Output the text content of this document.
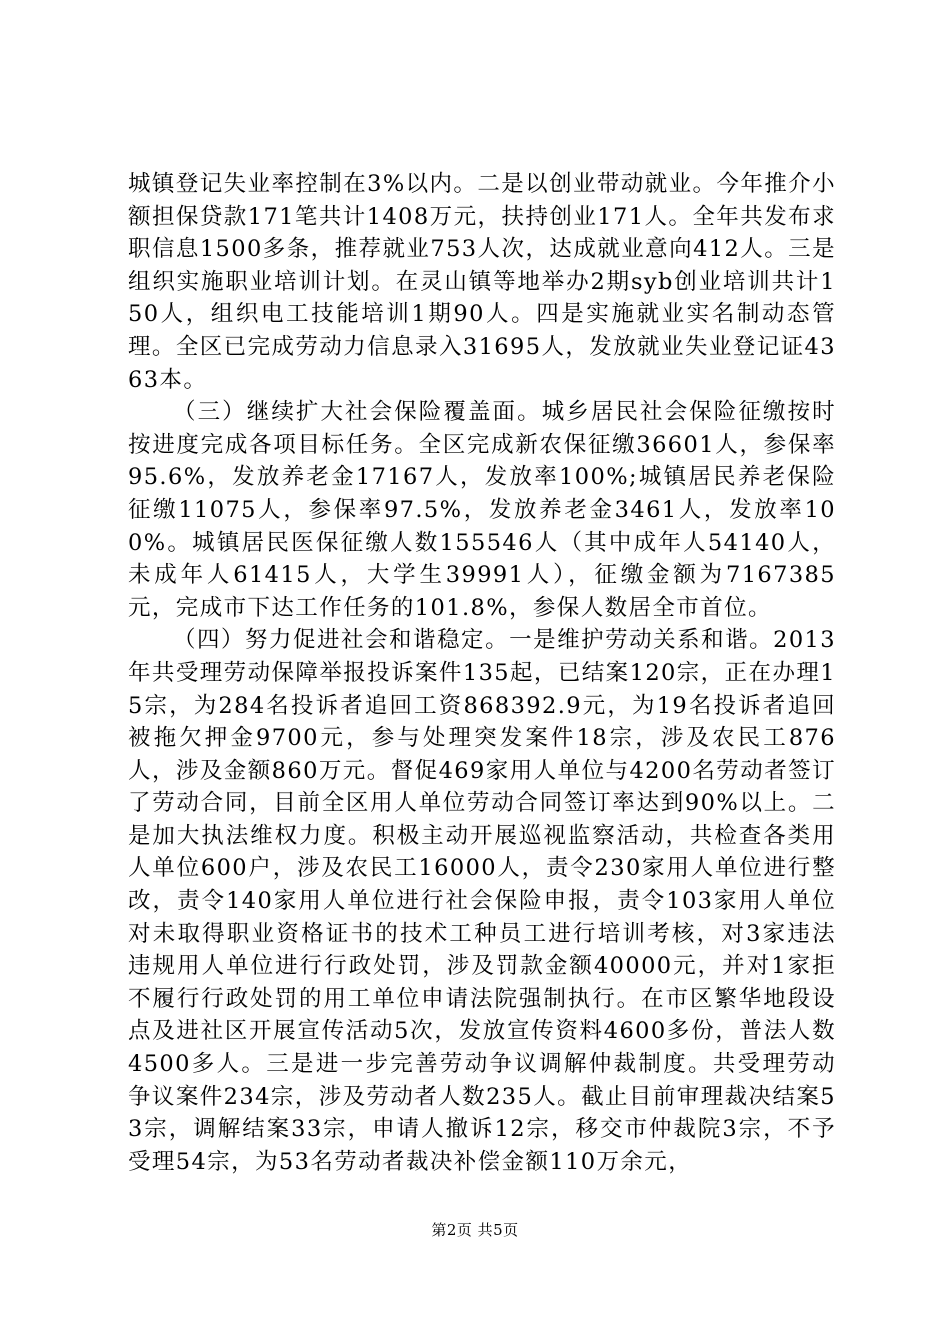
城镇登记失业率控制在3%以内。二是以创业带动就业。今年推介小额担保贷款171笔共计1408万元，扶持创业171人。全年共发布求职信息1500多条，推荐就业753人次，达成就业意向412人。三是组织实施职业培训计划。在灵山镇等地举办2期syb创业培训共计150人，组织电工技能培训1期90人。四是实施就业实名制动态管理。全区已完成劳动力信息录入31695人，发放就业失业登记证4363本。

（三）继续扩大社会保险覆盖面。城乡居民社会保险征缴按时按进度完成各项目标任务。全区完成新农保征缴36601人，参保率95.6%，发放养老金17167人，发放率100%;城镇居民养老保险征缴11075人，参保率97.5%，发放养老金3461人，发放率100%。城镇居民医保征缴人数155546人（其中成年人54140人，未成年人61415人，大学生39991人），征缴金额为7167385元，完成市下达工作任务的101.8%，参保人数居全市首位。

（四）努力促进社会和谐稳定。一是维护劳动关系和谐。2013年共受理劳动保障举报投诉案件135起，已结案120宗，正在办理15宗，为284名投诉者追回工资868392.9元，为19名投诉者追回被拖欠押金9700元，参与处理突发案件18宗，涉及农民工876人，涉及金额860万元。督促469家用人单位与4200名劳动者签订了劳动合同，目前全区用人单位劳动合同签订率达到90%以上。二是加大执法维权力度。积极主动开展巡视监察活动，共检查各类用人单位600户，涉及农民工16000人，责令230家用人单位进行整改，责令140家用人单位进行社会保险申报，责令103家用人单位对未取得职业资格证书的技术工种员工进行培训考核，对3家违法违规用人单位进行行政处罚，涉及罚款金额40000元，并对1家拒不履行行政处罚的用工单位申请法院强制执行。在市区繁华地段设点及进社区开展宣传活动5次，发放宣传资料4600多份，普法人数4500多人。三是进一步完善劳动争议调解仲裁制度。共受理劳动争议案件234宗，涉及劳动者人数235人。截止目前审理裁决结案53宗，调解结案33宗，申请人撤诉12宗，移交市仲裁院3宗，不予受理54宗，为53名劳动者裁决补偿金额110万余元，

第2页 共5页
